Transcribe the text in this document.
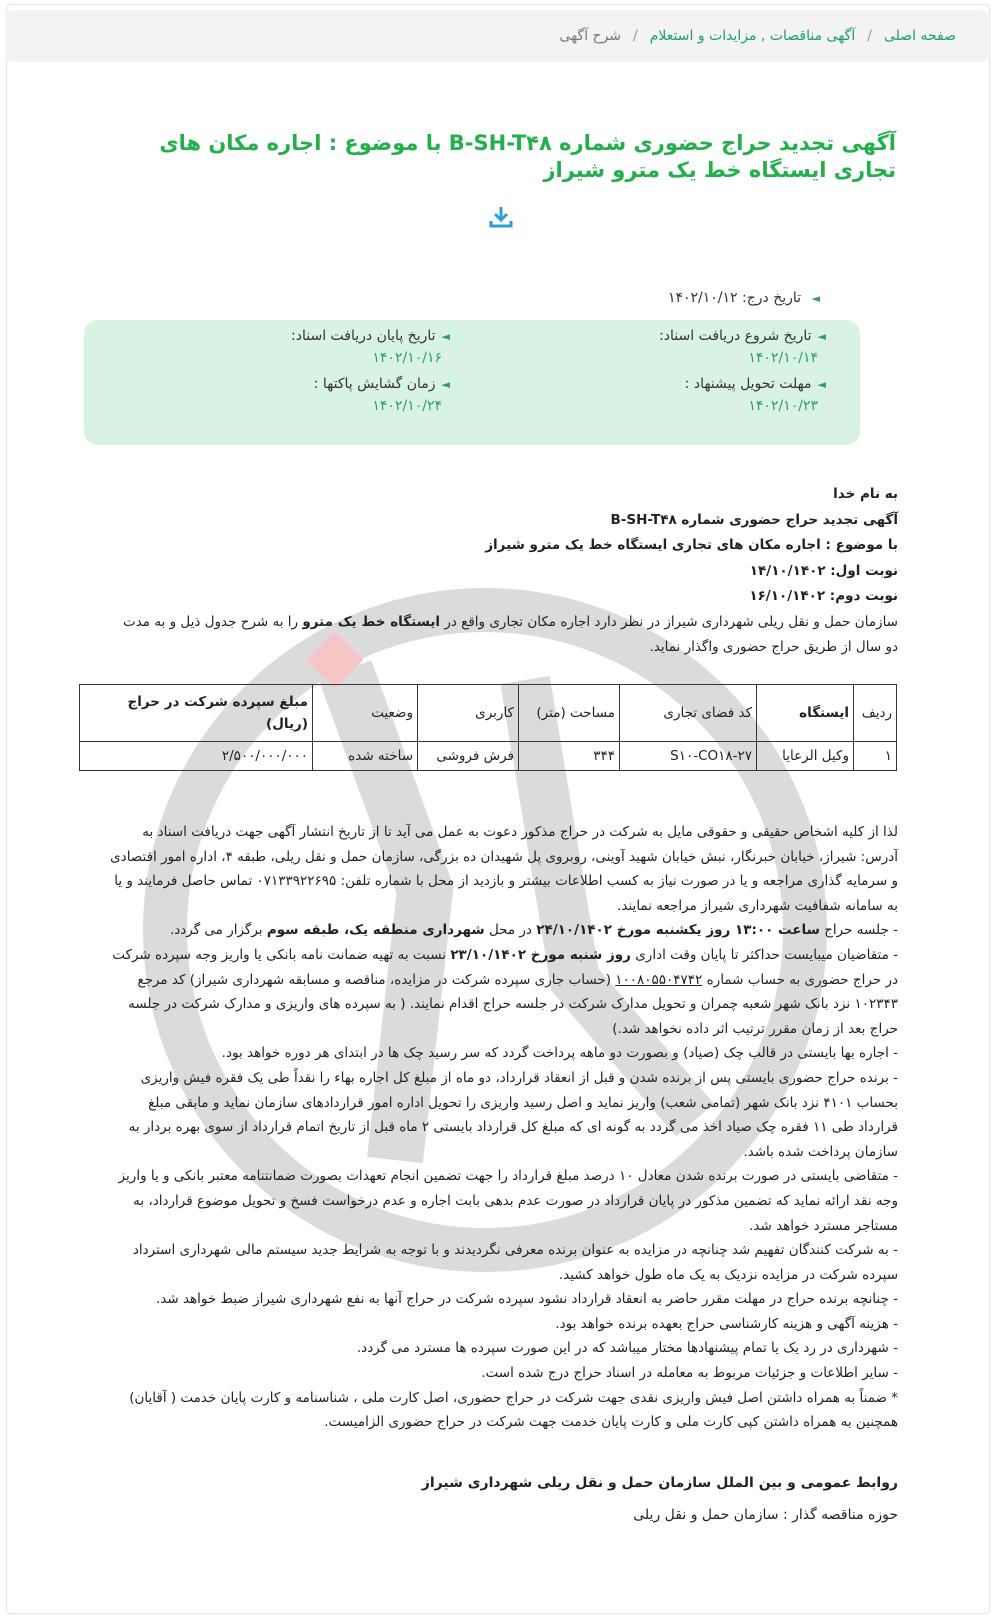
صفحه اصلی
/
آگهی مناقصات , مزایدات و استعلام
/
شرح آگهی
آگهی تجدید حراج حضوری شماره B-SH-T۴۸ با موضوع : اجاره مکان های تجاری ایستگاه خط یک مترو شیراز
◄ تاریخ درج: ۱۴۰۲/۱۰/۱۲
◄تاریخ شروع دریافت اسناد:
۱۴۰۲/۱۰/۱۴
◄تاریخ پایان دریافت اسناد:
۱۴۰۲/۱۰/۱۶
◄مهلت تحویل پیشنهاد :
۱۴۰۲/۱۰/۲۳
◄زمان گشایش پاکتها :
۱۴۰۲/۱۰/۲۴

به نام خدا

آگهی تجدید حراج حضوری شماره B-SH-T۴۸

با موضوع : اجاره مکان های تجاری ایستگاه خط یک مترو شیراز

نوبت اول: ۱۴/۱۰/۱۴۰۲

نوبت دوم: ۱۶/۱۰/۱۴۰۲

سازمان حمل و نقل ریلی شهرداری شیراز در نظر دارد اجاره مکان تجاری واقع در ایستگاه خط یک مترو را به شرح جدول ذیل و به مدت دو سال از طریق حراج حضوری واگذار نماید.

ردیف	ایستگاه	کد فضای تجاری	مساحت (متر)	کاربری	وضعیت	مبلغ سپرده شرکت در حراج (ریال)
۱	وکیل الرعایا	S۱۰-CO۱۸-۲۷	۳۴۴	فرش فروشی	ساخته شده	۲/۵۰۰/۰۰۰/۰۰۰

لذا از کلیه اشخاص حقیقی و حقوقی مایل به شرکت در حراج مذکور دعوت به عمل می آید تا از تاریخ انتشار آگهی جهت دریافت اسناد به آدرس: شیراز، خیابان خبرنگار، نبش خیابان شهید آوینی، روبروی پل شهیدان ده بزرگی، سازمان حمل و نقل ریلی، طبقه ۴، اداره امور اقتصادی و سرمایه گذاری مراجعه و یا در صورت نیاز به کسب اطلاعات بیشتر و بازدید از محل با شماره تلفن: ۰۷۱۳۳۹۲۲۶۹۵ تماس حاصل فرمایند و یا به سامانه شفافیت شهرداری شیراز مراجعه نمایند.

- جلسه حراج ساعت ۱۳:۰۰ روز یکشنبه مورخ ۲۴/۱۰/۱۴۰۲ در محل شهرداری منطقه یک، طبقه سوم برگزار می گردد.

- متقاضیان میبایست حداکثر تا پایان وقت اداری روز شنبه مورخ ۲۳/۱۰/۱۴۰۲ نسبت به تهیه ضمانت نامه بانکی یا واریز وجه سپرده شرکت در حراج حضوری به حساب شماره ۱۰۰۸۰۵۵۰۴۷۴۲ (حساب جاری سپرده شرکت در مزایده، مناقصه و مسابقه شهرداری شیراز) کد مرجع ۱۰۲۳۴۳ نزد بانک شهر شعبه چمران و تحویل مدارک شرکت در جلسه حراج اقدام نمایند. ( به سپرده های واریزی و مدارک شرکت در جلسه حراج بعد از زمان مقرر ترتیب اثر داده نخواهد شد.)

- اجاره بها بایستی در قالب چک (صیاد) و بصورت دو ماهه پرداخت گردد که سر رسید چک ها در ابتدای هر دوره خواهد بود.

- برنده حراج حضوری بایستی پس از برنده شدن و قبل از انعقاد قرارداد، دو ماه از مبلغ کل اجاره بهاء را نقداً طی یک فقره فیش واریزی بحساب ۴۱۰۱ نزد بانک شهر (تمامی شعب) واریز نماید و اصل رسید واریزی را تحویل اداره امور قراردادهای سازمان نماید و مابقی مبلغ قرارداد طی ۱۱ فقره چک صیاد اخذ می گردد به گونه ای که مبلغ کل قرارداد بایستی ۲ ماه قبل از تاریخ اتمام قرارداد از سوی بهره بردار به سازمان پرداخت شده باشد.

- متقاضی بایستی در صورت برنده شدن معادل ۱۰ درصد مبلغ قرارداد را جهت تضمین انجام تعهدات بصورت ضمانتنامه معتبر بانکی و یا واریز وجه نقد ارائه نماید که تضمین مذکور در پایان قرارداد در صورت عدم بدهی بابت اجاره و عدم درخواست فسخ و تحویل موضوع قرارداد، به مستاجر مسترد خواهد شد.

- به شرکت کنندگان تفهیم شد چنانچه در مزایده به عنوان برنده معرفی نگردیدند و با توجه به شرایط جدید سیستم مالی شهرداری استرداد سپرده شرکت در مزایده نزدیک به یک ماه طول خواهد کشید.

- چنانچه برنده حراج در مهلت مقرر حاضر به انعقاد قرارداد نشود سپرده شرکت در حراج آنها به نفع شهرداری شیراز ضبط خواهد شد.

- هزینه آگهی و هزینه کارشناسی حراج بعهده برنده خواهد بود.

- شهرداری در رد یک یا تمام پیشنهادها مختار میباشد که در این صورت سپرده ها مسترد می گردد.

- سایر اطلاعات و جزئیات مربوط به معامله در اسناد حراج درج شده است.

* ضمناً به همراه داشتن اصل فیش واریزی نقدی جهت شرکت در حراج حضوری، اصل کارت ملی ، شناسنامه و کارت پایان خدمت ( آقایان) همچنین به همراه داشتن کپی کارت ملی و کارت پایان خدمت جهت شرکت در حراج حضوری الزامیست.

روابط عمومی و بین الملل سازمان حمل و نقل ریلی شهرداری شیراز

حوزه مناقصه گذار : سازمان حمل و نقل ریلی
